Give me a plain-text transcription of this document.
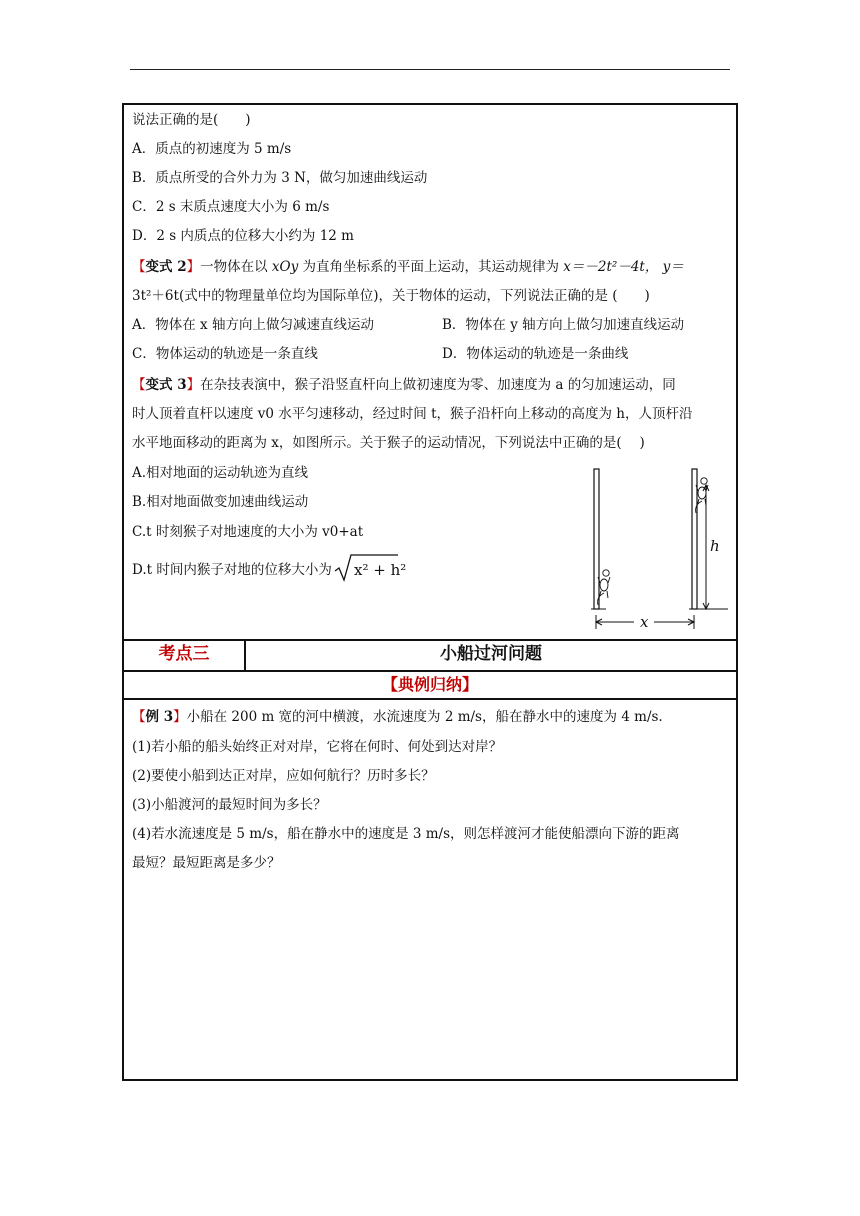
说法正确的是(　　)
A．质点的初速度为 5 m/s
B．质点所受的合外力为 3 N，做匀加速曲线运动
C．2 s 末质点速度大小为 6 m/s
D．2 s 内质点的位移大小约为 12 m
【变式 2】一物体在以 xOy 为直角坐标系的平面上运动，其运动规律为 x＝－2t²－4t， y＝
3t²＋6t(式中的物理量单位均为国际单位)，关于物体的运动，下列说法正确的是 (　　)
A．物体在 x 轴方向上做匀减速直线运动	B．物体在 y 轴方向上做匀加速直线运动
C．物体运动的轨迹是一条直线	D．物体运动的轨迹是一条曲线
【变式 3】在杂技表演中，猴子沿竖直杆向上做初速度为零、加速度为 a 的匀加速运动，同
时人顶着直杆以速度 v0 水平匀速移动，经过时间 t，猴子沿杆向上移动的高度为 h，人顶杆沿
水平地面移动的距离为 x，如图所示。关于猴子的运动情况，下列说法中正确的是(　 )
A.相对地面的运动轨迹为直线
B.相对地面做变加速曲线运动
C.t 时刻猴子对地速度的大小为 v0+at
D.t 时间内猴子对地的位移大小为 x² + h²
h
x
考点三	小船过河问题
【典例归纳】
【例 3】小船在 200 m 宽的河中横渡，水流速度为 2 m/s，船在静水中的速度为 4 m/s.
(1)若小船的船头始终正对对岸，它将在何时、何处到达对岸？
(2)要使小船到达正对岸，应如何航行？历时多长？
(3)小船渡河的最短时间为多长？
(4)若水流速度是 5 m/s，船在静水中的速度是 3 m/s，则怎样渡河才能使船漂向下游的距离
最短？最短距离是多少？
